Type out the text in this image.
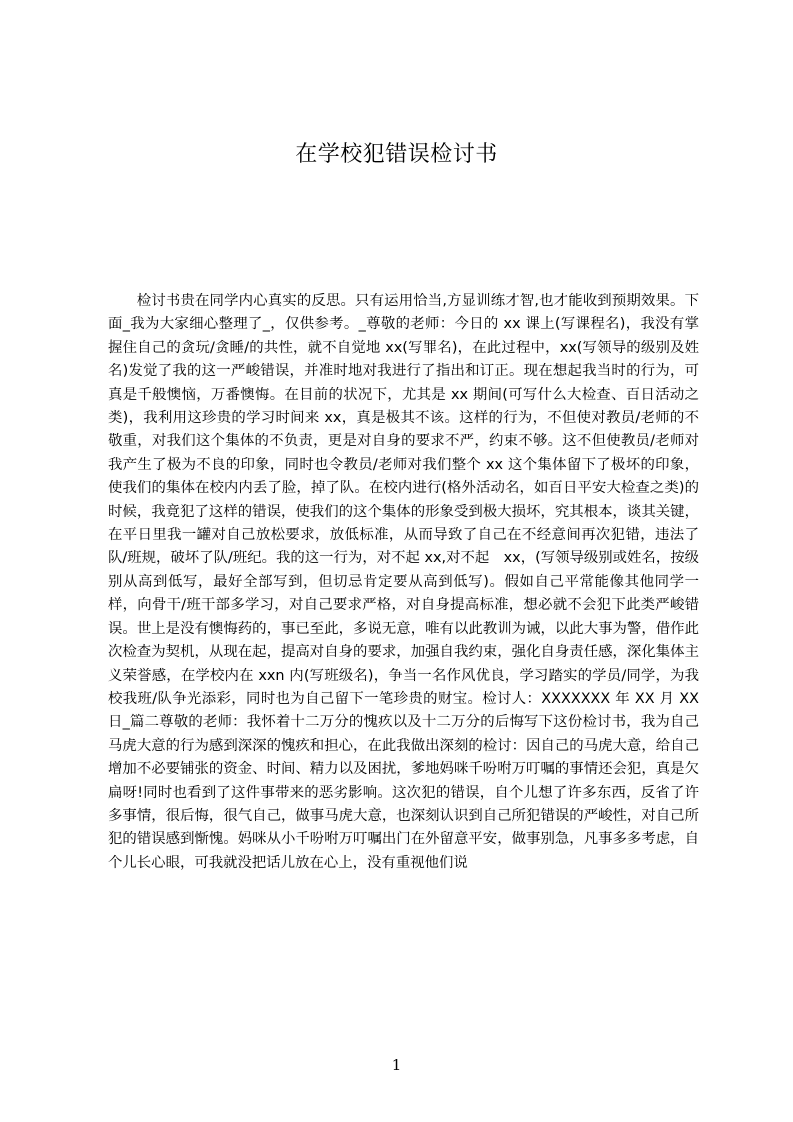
在学校犯错误检讨书

检讨书贵在同学内心真实的反思。只有运用恰当,方显训练才智,也才能收到预期效果。下面_我为大家细心整理了_，仅供参考。_尊敬的老师：今日的 xx 课上(写课程名)，我没有掌握住自己的贪玩/贪睡/的共性，就不自觉地 xx(写罪名)，在此过程中，xx(写领导的级别及姓名)发觉了我的这一严峻错误，并准时地对我进行了指出和订正。现在想起我当时的行为，可真是千般懊恼，万番懊悔。在目前的状况下，尤其是 xx 期间(可写什么大检查、百日活动之类)，我利用这珍贵的学习时间来 xx，真是极其不该。这样的行为，不但使对教员/老师的不敬重，对我们这个集体的不负责，更是对自身的要求不严，约束不够。这不但使教员/老师对我产生了极为不良的印象，同时也令教员/老师对我们整个 xx 这个集体留下了极坏的印象，使我们的集体在校内内丢了脸，掉了队。在校内进行(格外活动名，如百日平安大检查之类)的时候，我竟犯了这样的错误，使我们的这个集体的形象受到极大损坏，究其根本，谈其关键，在平日里我一罐对自己放松要求，放低标准，从而导致了自己在不经意间再次犯错，违法了队/班规，破坏了队/班纪。我的这一行为，对不起 xx,对不起　xx，(写领导级别或姓名，按级别从高到低写，最好全部写到，但切忌肯定要从高到低写)。假如自己平常能像其他同学一样，向骨干/班干部多学习，对自己要求严格，对自身提高标准，想必就不会犯下此类严峻错误。世上是没有懊悔药的，事已至此，多说无意，唯有以此教训为诫，以此大事为警，借作此次检查为契机，从现在起，提高对自身的要求，加强自我约束，强化自身责任感，深化集体主义荣誉感，在学校内在 xxn 内(写班级名)，争当一名作风优良，学习踏实的学员/同学，为我校我班/队争光添彩，同时也为自己留下一笔珍贵的财宝。检讨人：XXXXXXX 年 XX 月 XX 日_篇二尊敬的老师：我怀着十二万分的愧疚以及十二万分的后悔写下这份检讨书，我为自己马虎大意的行为感到深深的愧疚和担心，在此我做出深刻的检讨：因自己的马虎大意，给自己增加不必要铺张的资金、时间、精力以及困扰，爹地妈咪千吩咐万叮嘱的事情还会犯，真是欠扁呀!同时也看到了这件事带来的恶劣影响。这次犯的错误，自个儿想了许多东西，反省了许多事情，很后悔，很气自己，做事马虎大意，也深刻认识到自己所犯错误的严峻性，对自己所犯的错误感到惭愧。妈咪从小千吩咐万叮嘱出门在外留意平安，做事别急，凡事多多考虑，自个儿长心眼，可我就没把话儿放在心上，没有重视他们说

1
